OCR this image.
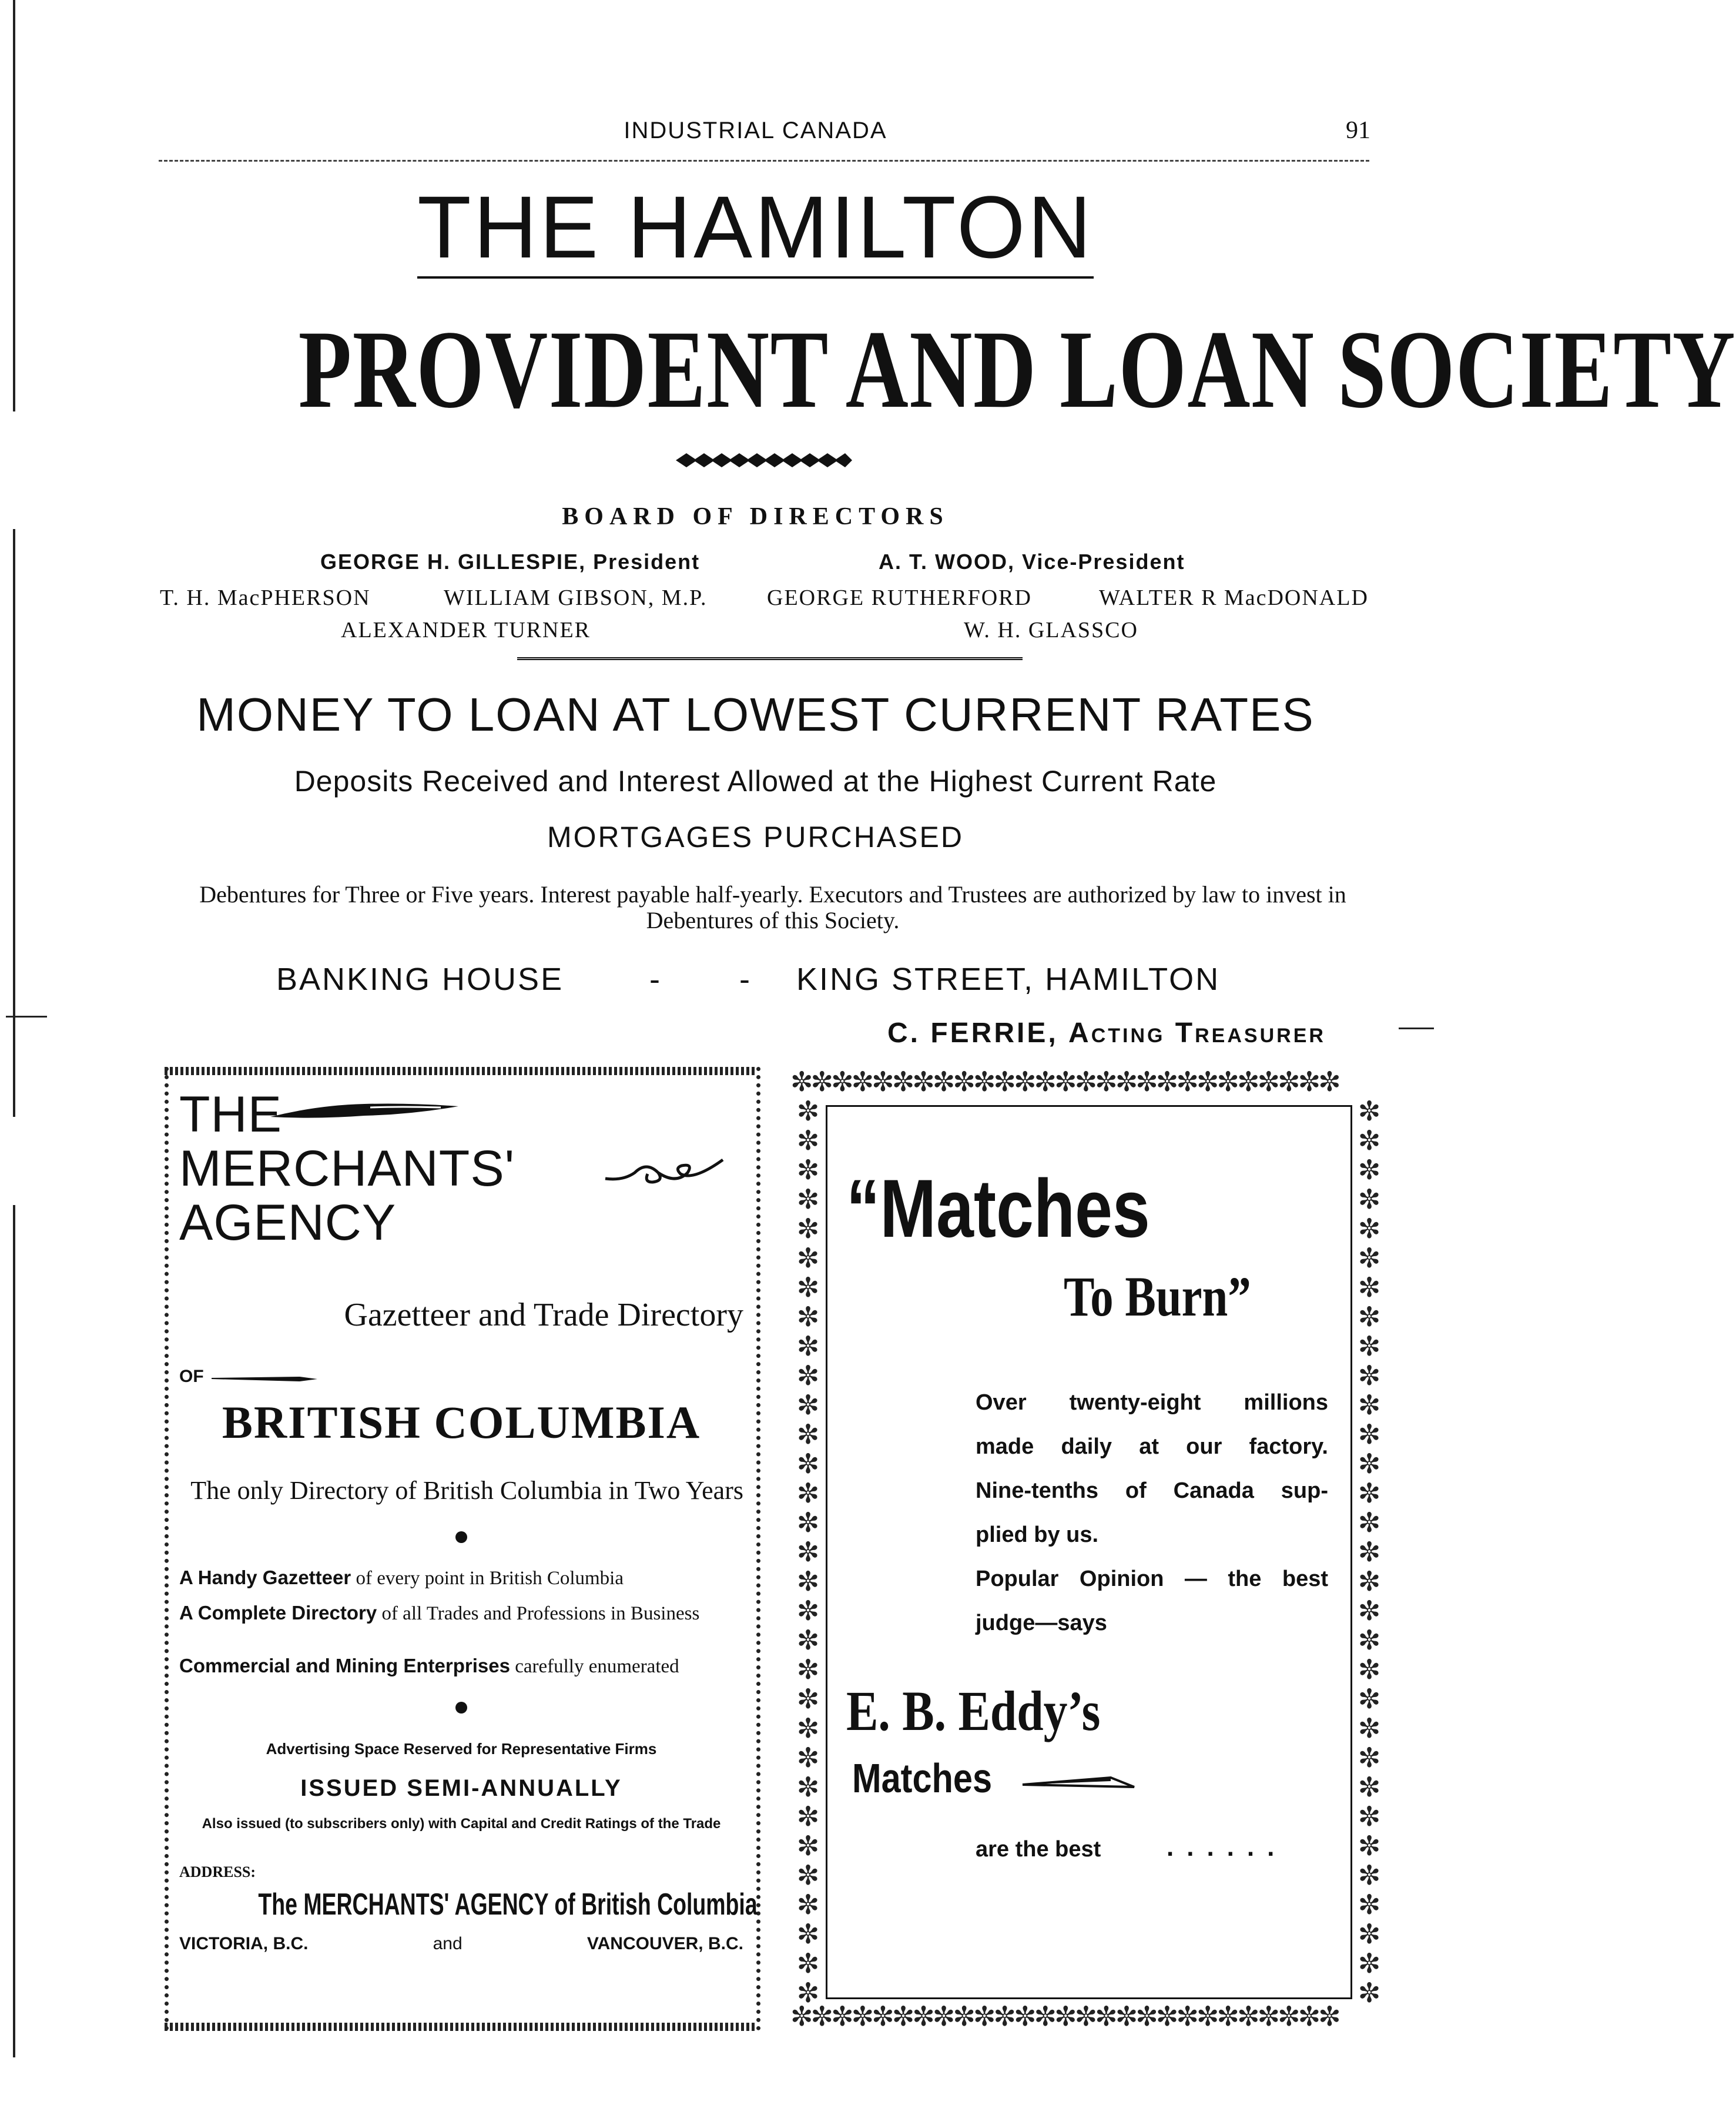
INDUSTRIAL CANADA	91
THE HAMILTON
PROVIDENT AND LOAN SOCIETY
BOARD OF DIRECTORS
GEORGE H. GILLESPIE, President	A. T. WOOD, Vice-President
T. H. MacPHERSON	WILLIAM GIBSON, M.P.	GEORGE RUTHERFORD	WALTER R MacDONALD
ALEXANDER TURNER	W. H. GLASSCO
MONEY TO LOAN AT LOWEST CURRENT RATES
Deposits Received and Interest Allowed at the Highest Current Rate
MORTGAGES PURCHASED
Debentures for Three or Five years. Interest payable half-yearly. Executors and Trustees are authorized by law to invest in Debentures of this Society.
BANKING HOUSE	- - KING STREET, HAMILTON
C. FERRIE, Acting Treasurer
THE
MERCHANTS'
AGENCY
Gazetteer and Trade Directory
OF
BRITISH COLUMBIA
The only Directory of British Columbia in Two Years
A Handy Gazetteer of every point in British Columbia
A Complete Directory of all Trades and Professions in Business
Commercial and Mining Enterprises carefully enumerated
Advertising Space Reserved for Representative Firms
ISSUED SEMI-ANNUALLY
Also issued (to subscribers only) with Capital and Credit Ratings of the Trade
ADDRESS:
The MERCHANTS' AGENCY of British Columbia
VICTORIA, B.C.	and	VANCOUVER, B.C.
✼✼✼✼✼✼✼✼✼✼✼✼✼✼✼✼✼✼✼✼✼✼✼✼✼✼✼
✼✼✼✼✼✼✼✼✼✼✼✼✼✼✼✼✼✼✼✼✼✼✼✼✼✼✼
✼✼✼✼✼✼✼✼✼✼✼✼✼✼✼✼✼✼✼✼✼✼✼✼✼✼✼✼✼✼✼
✼✼✼✼✼✼✼✼✼✼✼✼✼✼✼✼✼✼✼✼✼✼✼✼✼✼✼✼✼✼✼
“Matches
To Burn”
Over twenty-eight millions
made daily at our factory.
Nine-tenths of Canada sup-
plied by us.
Popular Opinion — the best
judge—says
E. B. Eddy’s
Matches
are the best	......
